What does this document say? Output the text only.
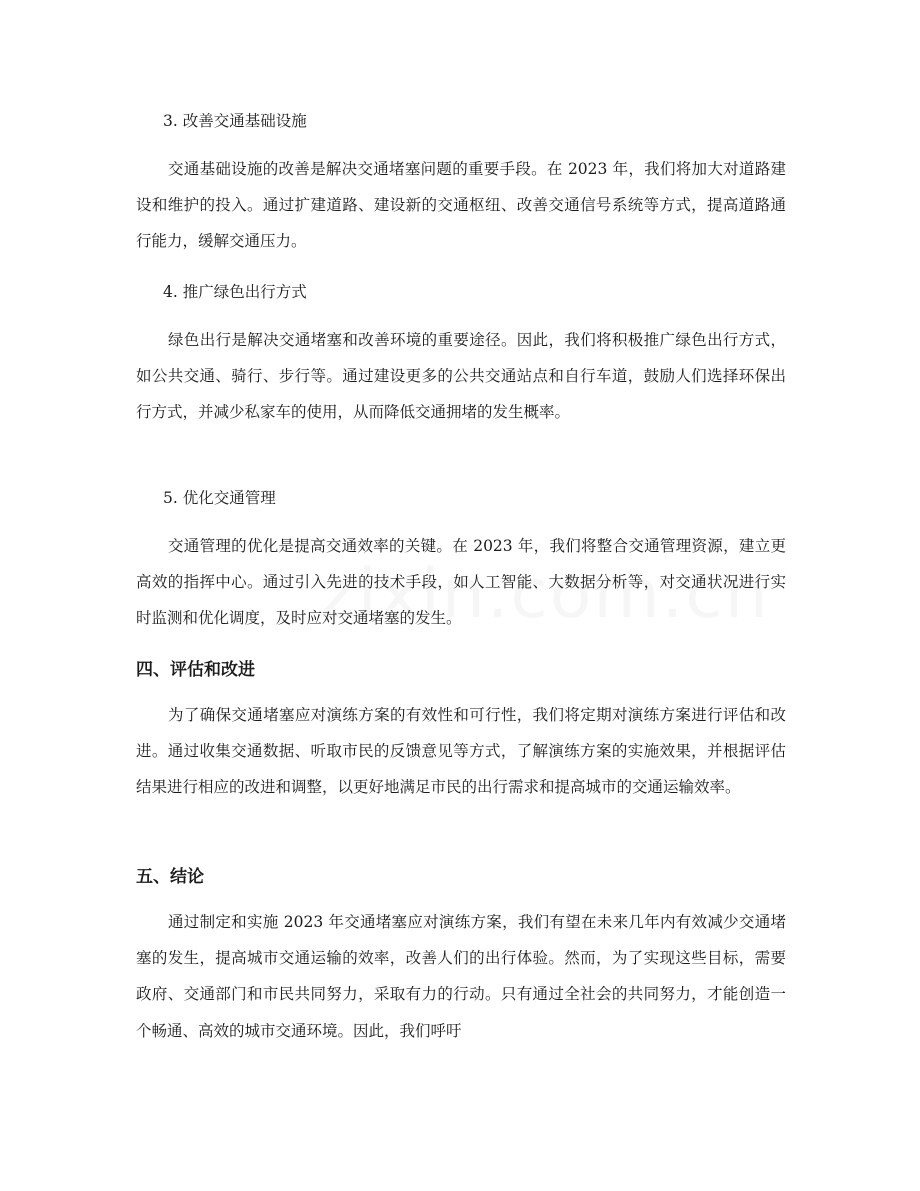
3. 改善交通基础设施

交通基础设施的改善是解决交通堵塞问题的重要手段。在 2023 年，我们将加大对道路建设和维护的投入。通过扩建道路、建设新的交通枢纽、改善交通信号系统等方式，提高道路通行能力，缓解交通压力。

4. 推广绿色出行方式

绿色出行是解决交通堵塞和改善环境的重要途径。因此，我们将积极推广绿色出行方式，如公共交通、骑行、步行等。通过建设更多的公共交通站点和自行车道，鼓励人们选择环保出行方式，并减少私家车的使用，从而降低交通拥堵的发生概率。

5. 优化交通管理

交通管理的优化是提高交通效率的关键。在 2023 年，我们将整合交通管理资源，建立更高效的指挥中心。通过引入先进的技术手段，如人工智能、大数据分析等，对交通状况进行实时监测和优化调度，及时应对交通堵塞的发生。

四、评估和改进

为了确保交通堵塞应对演练方案的有效性和可行性，我们将定期对演练方案进行评估和改进。通过收集交通数据、听取市民的反馈意见等方式，了解演练方案的实施效果，并根据评估结果进行相应的改进和调整，以更好地满足市民的出行需求和提高城市的交通运输效率。

五、结论

通过制定和实施 2023 年交通堵塞应对演练方案，我们有望在未来几年内有效减少交通堵塞的发生，提高城市交通运输的效率，改善人们的出行体验。然而，为了实现这些目标，需要政府、交通部门和市民共同努力，采取有力的行动。只有通过全社会的共同努力，才能创造一个畅通、高效的城市交通环境。因此，我们呼吁
